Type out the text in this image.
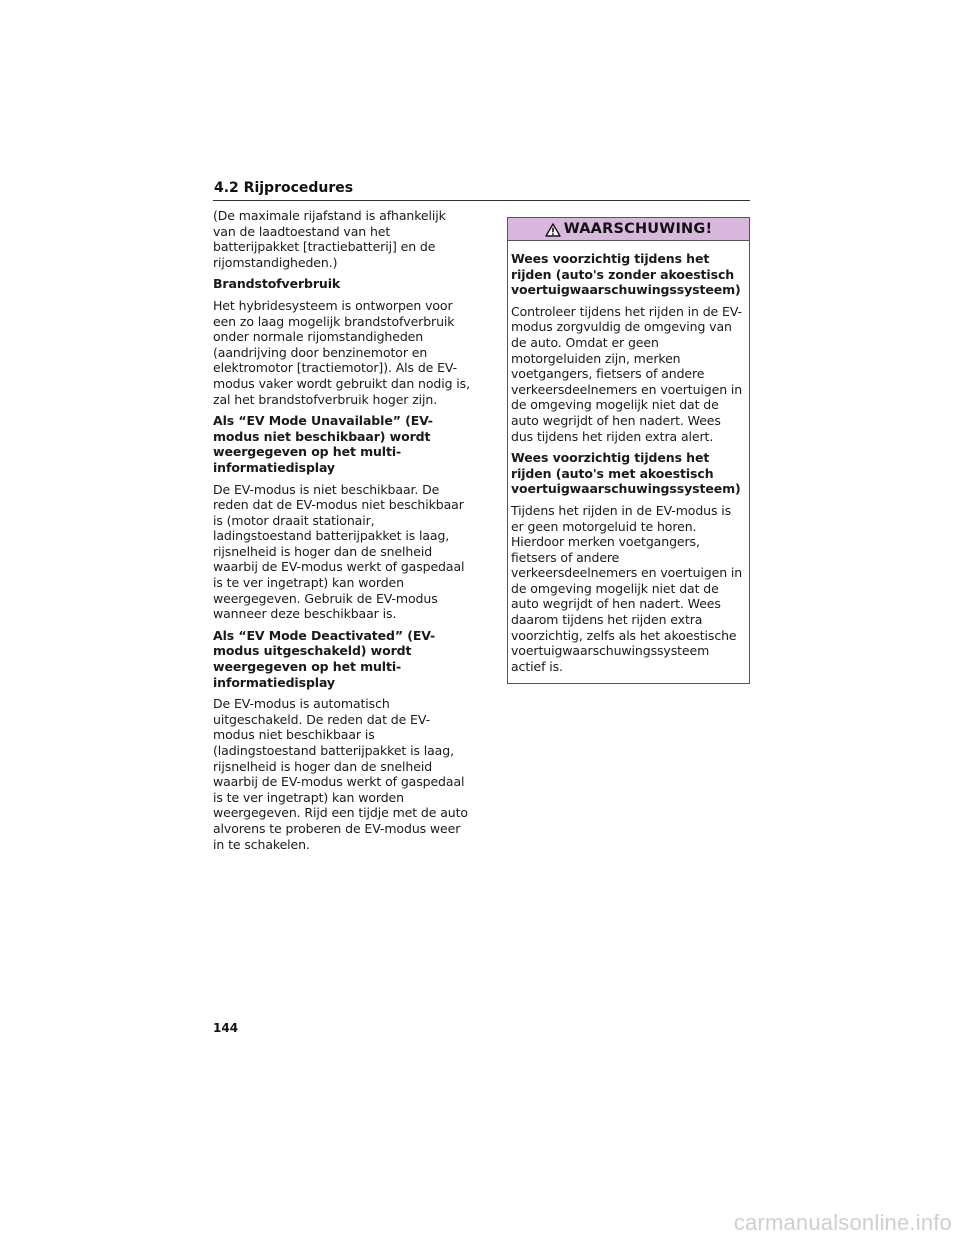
4.2 Rijprocedures

(De maximale rijafstand is afhankelijk van de laadtoestand van het batterijpakket [tractiebatterij] en de rijomstandigheden.)

Brandstofverbruik

Het hybridesysteem is ontworpen voor een zo laag mogelijk brandstofverbruik onder normale rijomstandigheden (aandrijving door benzinemotor en elektromotor [tractiemotor]). Als de EV-modus vaker wordt gebruikt dan nodig is, zal het brandstofverbruik hoger zijn.

Als “EV Mode Unavailable” (EV-modus niet beschikbaar) wordt weergegeven op het multi-informatiedisplay

De EV-modus is niet beschikbaar. De reden dat de EV-modus niet beschikbaar is (motor draait stationair, ladingstoestand batterijpakket is laag, rijsnelheid is hoger dan de snelheid waarbij de EV-modus werkt of gaspedaal is te ver ingetrapt) kan worden weergegeven. Gebruik de EV-modus wanneer deze beschikbaar is.

Als “EV Mode Deactivated” (EV-modus uitgeschakeld) wordt weergegeven op het multi-informatiedisplay

De EV-modus is automatisch uitgeschakeld. De reden dat de EV-modus niet beschikbaar is (ladingstoestand batterijpakket is laag, rijsnelheid is hoger dan de snelheid waarbij de EV-modus werkt of gaspedaal is te ver ingetrapt) kan worden weergegeven. Rijd een tijdje met de auto alvorens te proberen de EV-modus weer in te schakelen.

WAARSCHUWING!

Wees voorzichtig tijdens het rijden (auto's zonder akoestisch voertuigwaarschuwingssysteem)

Controleer tijdens het rijden in de EV-modus zorgvuldig de omgeving van de auto. Omdat er geen motorgeluiden zijn, merken voetgangers, fietsers of andere verkeersdeelnemers en voertuigen in de omgeving mogelijk niet dat de auto wegrijdt of hen nadert. Wees dus tijdens het rijden extra alert.

Wees voorzichtig tijdens het rijden (auto's met akoestisch voertuigwaarschuwingssysteem)

Tijdens het rijden in de EV-modus is er geen motorgeluid te horen. Hierdoor merken voetgangers, fietsers of andere verkeersdeelnemers en voertuigen in de omgeving mogelijk niet dat de auto wegrijdt of hen nadert. Wees daarom tijdens het rijden extra voorzichtig, zelfs als het akoestische voertuigwaarschuwingssysteem actief is.

144
carmanualsonline.info
